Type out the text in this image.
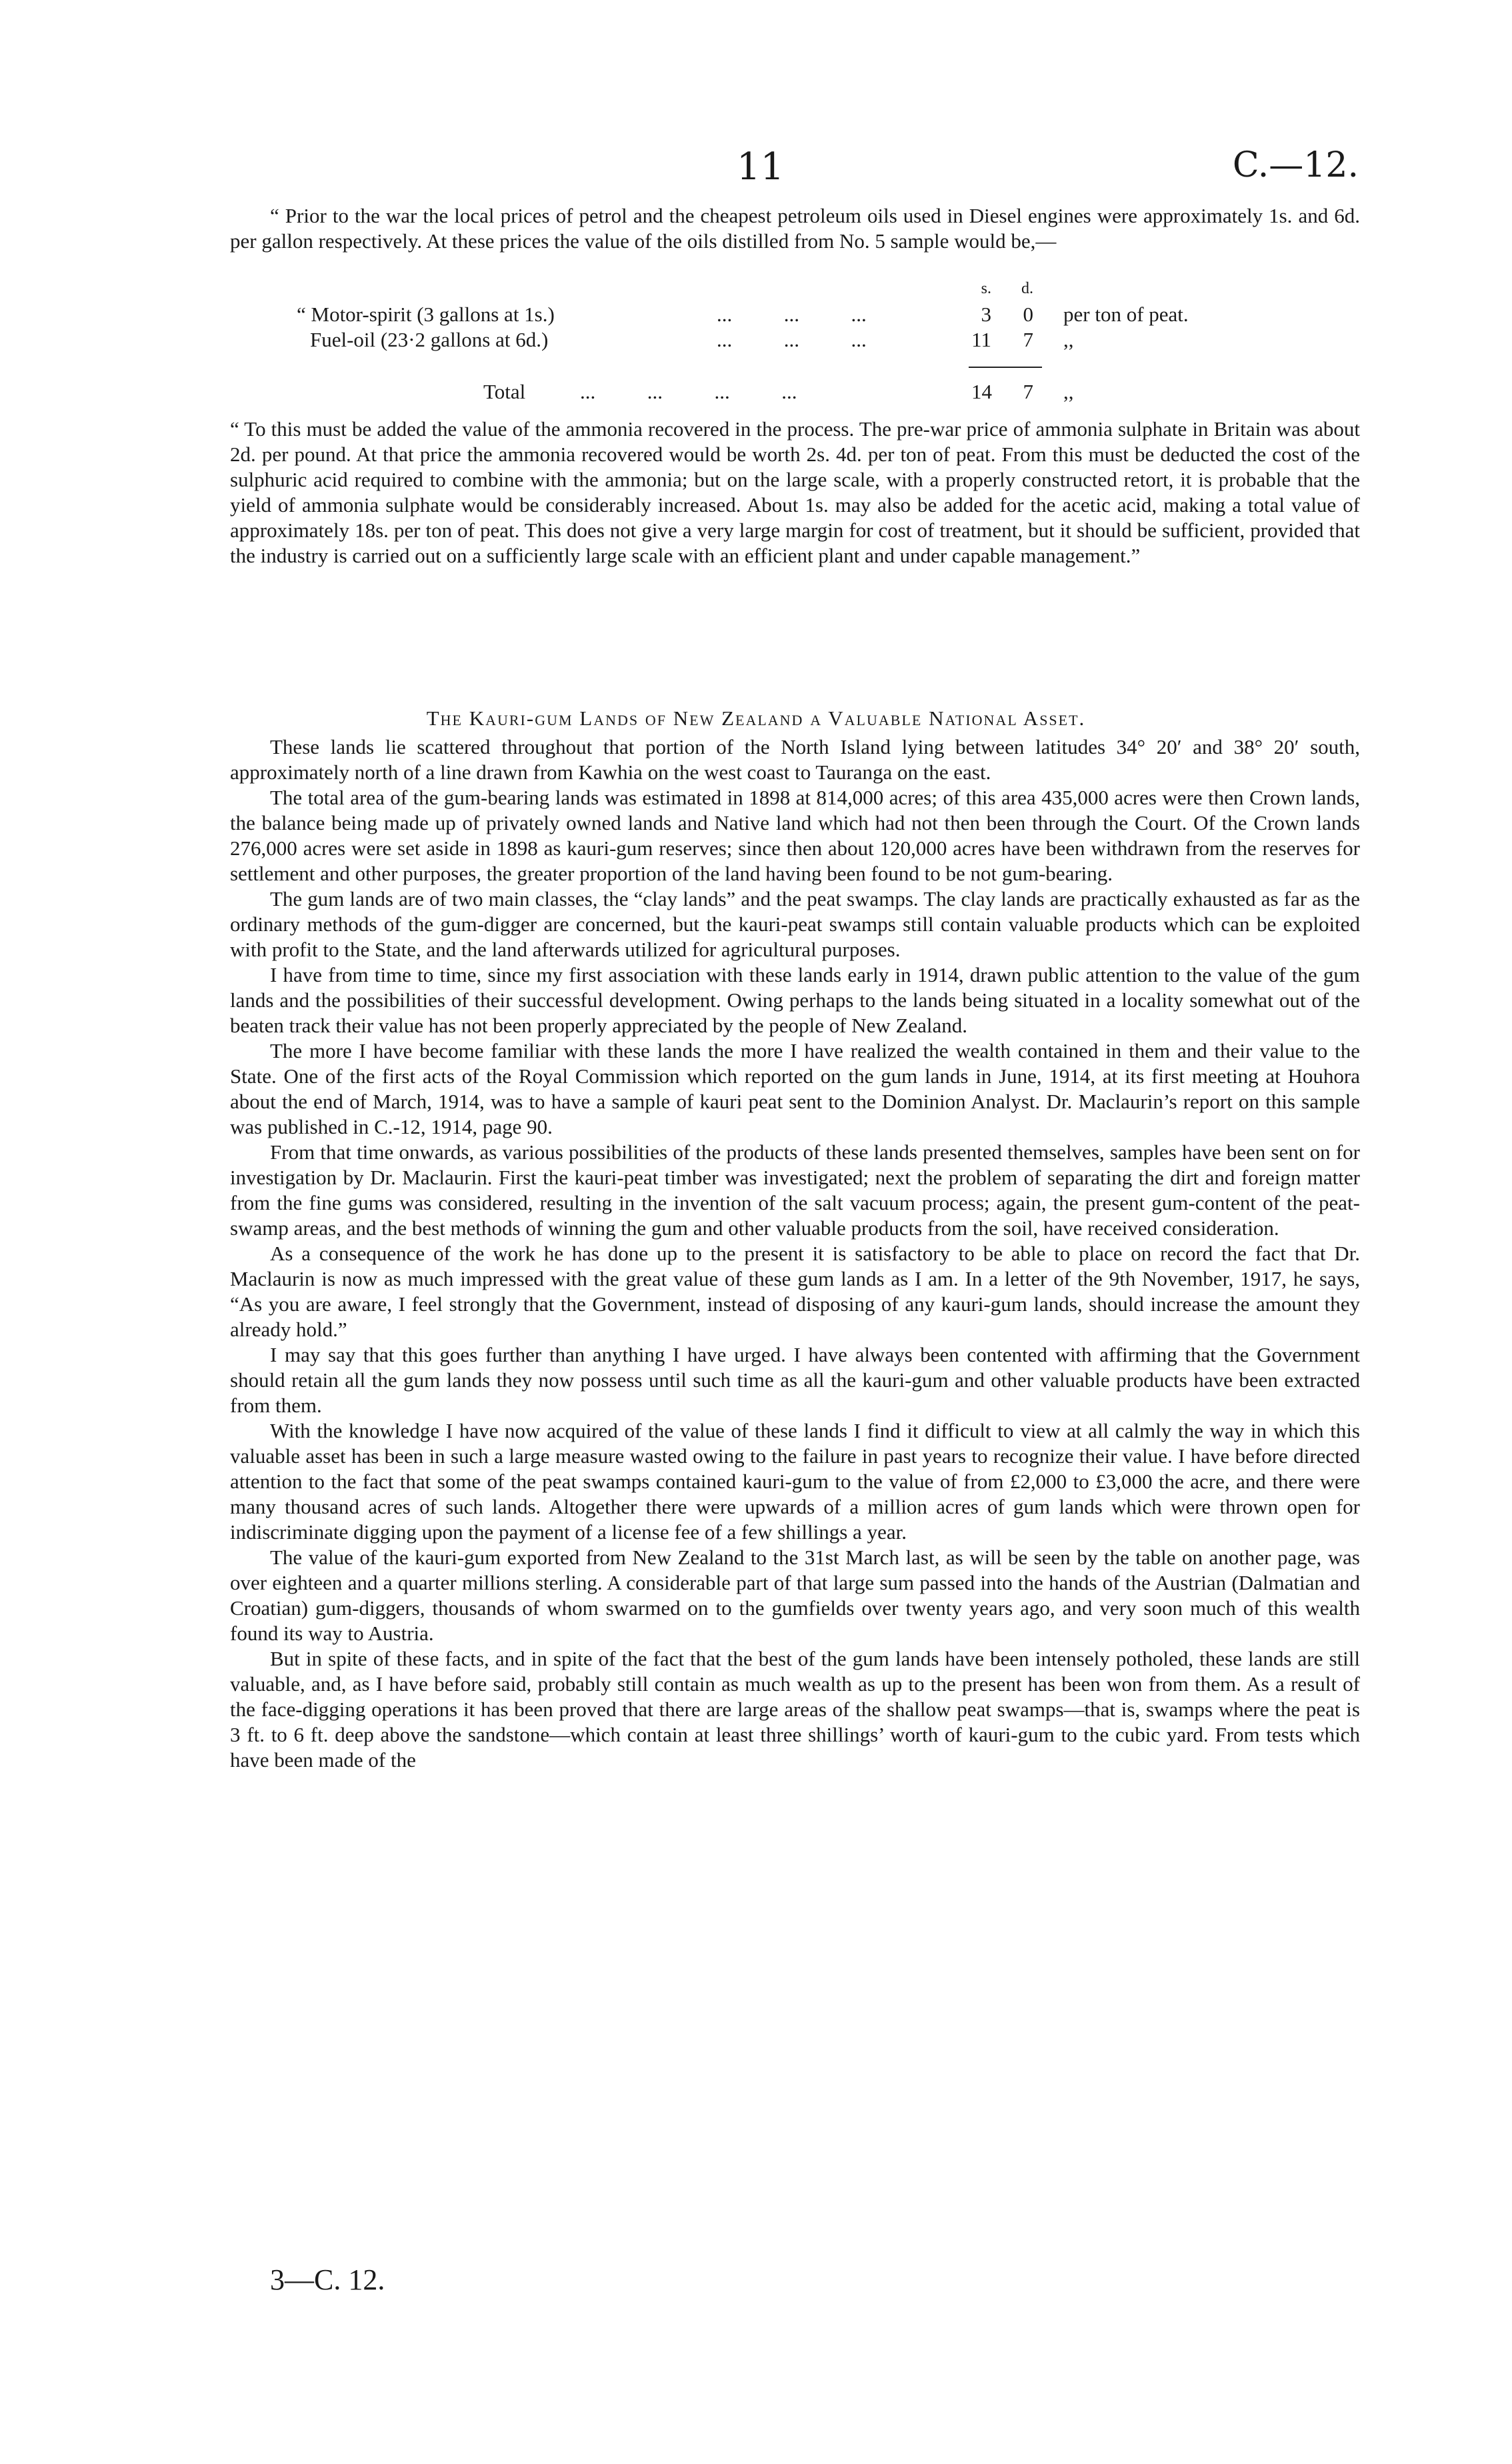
11	C.—12.

“ Prior to the war the local prices of petrol and the cheapest petroleum oils used in Diesel engines were approximately 1s. and 6d. per gallon respectively. At these prices the value of the oils distilled from No. 5 sample would be,—

s.	d.
“ Motor-spirit (3 gallons at 1s.)	...          ...          ...	3	0 per ton of peat.
Fuel-oil (23·2 gallons at 6d.)	...          ...          ...	11	7 ,,
Total	...          ...          ...          ...	14	7 ,,

“ To this must be added the value of the ammonia recovered in the process. The pre-war price of ammonia sulphate in Britain was about 2d. per pound. At that price the ammonia recovered would be worth 2s. 4d. per ton of peat. From this must be deducted the cost of the sulphuric acid required to combine with the ammonia; but on the large scale, with a properly constructed retort, it is probable that the yield of ammonia sulphate would be considerably increased. About 1s. may also be added for the acetic acid, making a total value of approximately 18s. per ton of peat. This does not give a very large margin for cost of treatment, but it should be sufficient, provided that the industry is carried out on a sufficiently large scale with an efficient plant and under capable management.”

The Kauri-gum Lands of New Zealand a Valuable National Asset.

These lands lie scattered throughout that portion of the North Island lying between latitudes 34° 20′ and 38° 20′ south, approximately north of a line drawn from Kawhia on the west coast to Tauranga on the east.

The total area of the gum-bearing lands was estimated in 1898 at 814,000 acres; of this area 435,000 acres were then Crown lands, the balance being made up of privately owned lands and Native land which had not then been through the Court. Of the Crown lands 276,000 acres were set aside in 1898 as kauri-gum reserves; since then about 120,000 acres have been withdrawn from the reserves for settlement and other purposes, the greater proportion of the land having been found to be not gum-bearing.

The gum lands are of two main classes, the “clay lands” and the peat swamps. The clay lands are practically exhausted as far as the ordinary methods of the gum-digger are concerned, but the kauri-peat swamps still contain valuable products which can be exploited with profit to the State, and the land afterwards utilized for agricultural purposes.

I have from time to time, since my first association with these lands early in 1914, drawn public attention to the value of the gum lands and the possibilities of their successful development. Owing perhaps to the lands being situated in a locality somewhat out of the beaten track their value has not been properly appreciated by the people of New Zealand.

The more I have become familiar with these lands the more I have realized the wealth contained in them and their value to the State. One of the first acts of the Royal Commission which reported on the gum lands in June, 1914, at its first meeting at Houhora about the end of March, 1914, was to have a sample of kauri peat sent to the Dominion Analyst. Dr. Maclaurin’s report on this sample was published in C.-12, 1914, page 90.

From that time onwards, as various possibilities of the products of these lands presented themselves, samples have been sent on for investigation by Dr. Maclaurin. First the kauri-peat timber was investigated; next the problem of separating the dirt and foreign matter from the fine gums was considered, resulting in the invention of the salt vacuum process; again, the present gum-content of the peat-swamp areas, and the best methods of winning the gum and other valuable products from the soil, have received consideration.

As a consequence of the work he has done up to the present it is satisfactory to be able to place on record the fact that Dr. Maclaurin is now as much impressed with the great value of these gum lands as I am. In a letter of the 9th November, 1917, he says, “As you are aware, I feel strongly that the Government, instead of disposing of any kauri-gum lands, should increase the amount they already hold.”

I may say that this goes further than anything I have urged. I have always been contented with affirming that the Government should retain all the gum lands they now possess until such time as all the kauri-gum and other valuable products have been extracted from them.

With the knowledge I have now acquired of the value of these lands I find it difficult to view at all calmly the way in which this valuable asset has been in such a large measure wasted owing to the failure in past years to recognize their value. I have before directed attention to the fact that some of the peat swamps contained kauri-gum to the value of from £2,000 to £3,000 the acre, and there were many thousand acres of such lands. Altogether there were upwards of a million acres of gum lands which were thrown open for indiscriminate digging upon the payment of a license fee of a few shillings a year.

The value of the kauri-gum exported from New Zealand to the 31st March last, as will be seen by the table on another page, was over eighteen and a quarter millions sterling. A considerable part of that large sum passed into the hands of the Austrian (Dalmatian and Croatian) gum-diggers, thousands of whom swarmed on to the gumfields over twenty years ago, and very soon much of this wealth found its way to Austria.

But in spite of these facts, and in spite of the fact that the best of the gum lands have been intensely potholed, these lands are still valuable, and, as I have before said, probably still contain as much wealth as up to the present has been won from them. As a result of the face-digging operations it has been proved that there are large areas of the shallow peat swamps—that is, swamps where the peat is 3 ft. to 6 ft. deep above the sandstone—which contain at least three shillings’ worth of kauri-gum to the cubic yard. From tests which have been made of the

3—C. 12.
